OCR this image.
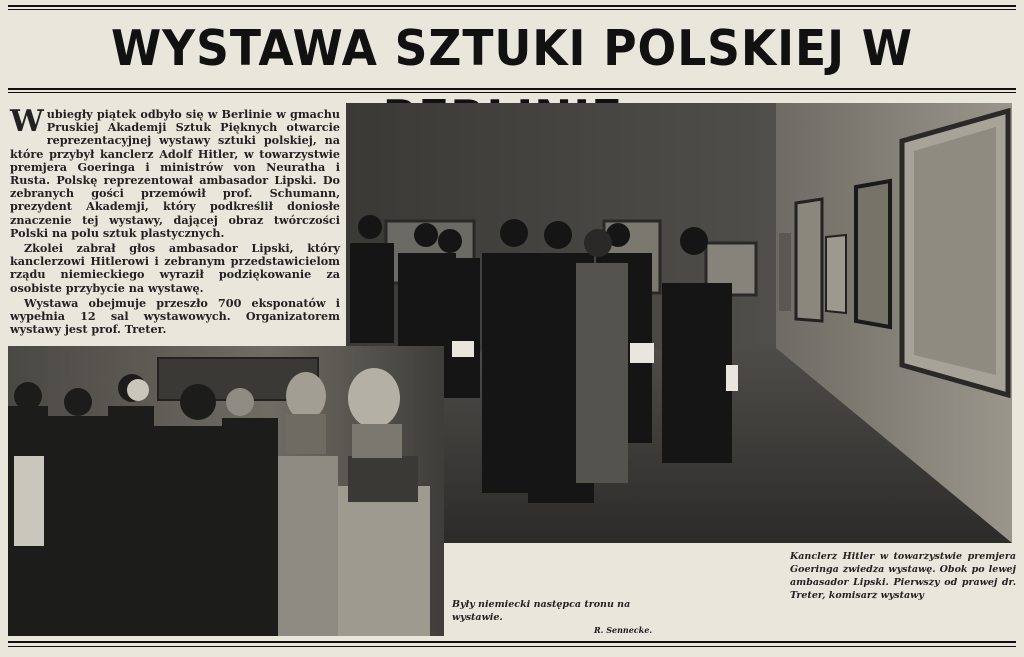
WYSTAWA SZTUKI POLSKIEJ W

Wubiegły piątek odbyło się w Berlinie w gmachu Pruskiej Akademji Sztuk Pięknych otwarcie reprezentacyjnej wystawy sztuki polskiej, na które przybył kanclerz Adolf Hitler, w towarzystwie premjera Goeringa i ministrów von Neuratha i Rusta. Polskę reprezentował ambasador Lipski. Do zebranych gości przemówił prof. Schumann, prezydent Akademji, który podkreślił doniosłe znaczenie tej wystawy, dającej obraz twórczości Polski na polu sztuk plastycznych.

Zkolei zabrał głos ambasador Lipski, który kanclerzowi Hitlerowi i zebranym przedstawicielom rządu niemieckiego wyraził podziękowanie za osobiste przybycie na wystawę.

Wystawa obejmuje przeszło 700 eksponatów i wypełnia 12 sal wystawowych. Organizatorem wystawy jest prof. Treter.

Były niemiecki następca tronu na wystawie.
R. Sennecke.
Kanclerz Hitler w towarzystwie premjera Goeringa zwiedza wystawę. Obok po lewej ambasador Lipski. Pierwszy od prawej dr. Treter, komisarz wystawy
